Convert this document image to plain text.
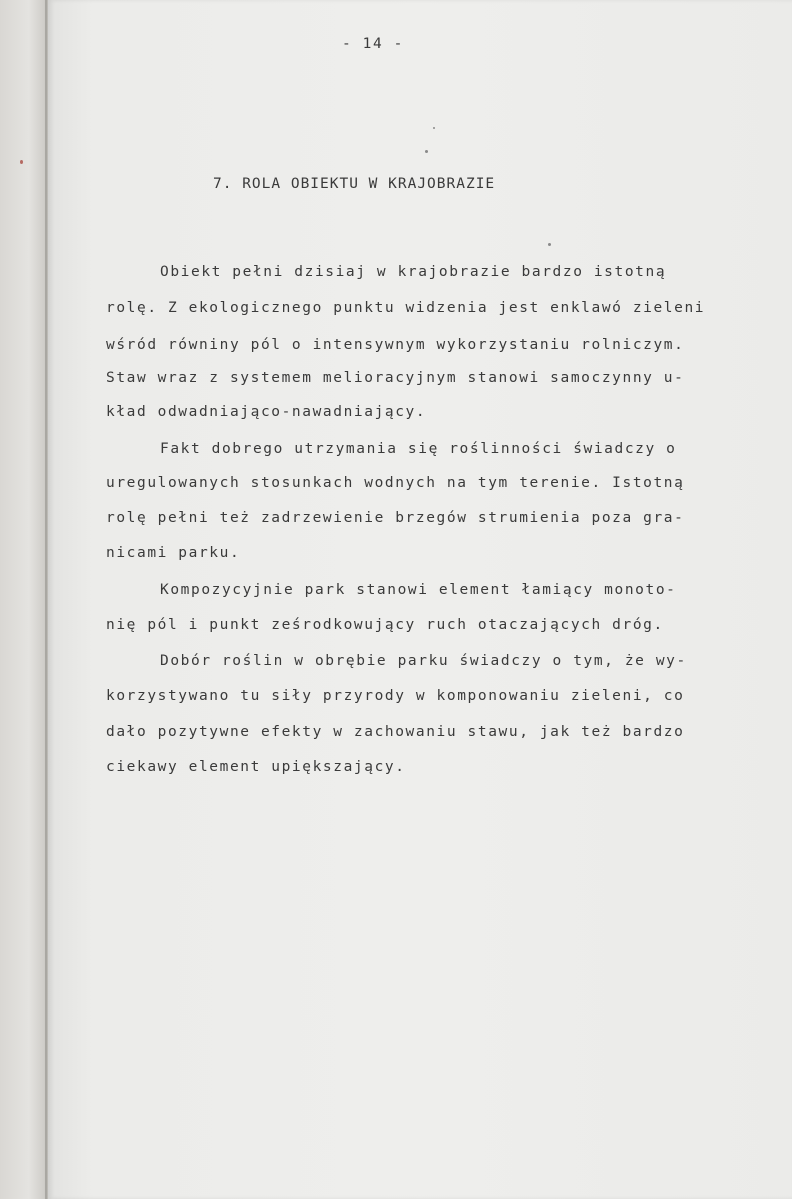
- 14 -
7. ROLA OBIEKTU W KRAJOBRAZIE
Obiekt pełni dzisiaj w krajobrazie bardzo istotną
rolę. Z ekologicznego punktu widzenia jest enklawó zieleni
wśród równiny pól o intensywnym wykorzystaniu rolniczym.
Staw wraz z systemem melioracyjnym stanowi samoczynny u-
kład odwadniająco-nawadniający.
Fakt dobrego utrzymania się roślinności świadczy o
uregulowanych stosunkach wodnych na tym terenie. Istotną
rolę pełni też zadrzewienie brzegów strumienia poza gra-
nicami parku.
Kompozycyjnie park stanowi element łamiący monoto-
nię pól i punkt ześrodkowujący ruch otaczających dróg.
Dobór roślin w obrębie parku świadczy o tym, że wy-
korzystywano tu siły przyrody w komponowaniu zieleni, co
dało pozytywne efekty w zachowaniu stawu, jak też bardzo
ciekawy element upiększający.
